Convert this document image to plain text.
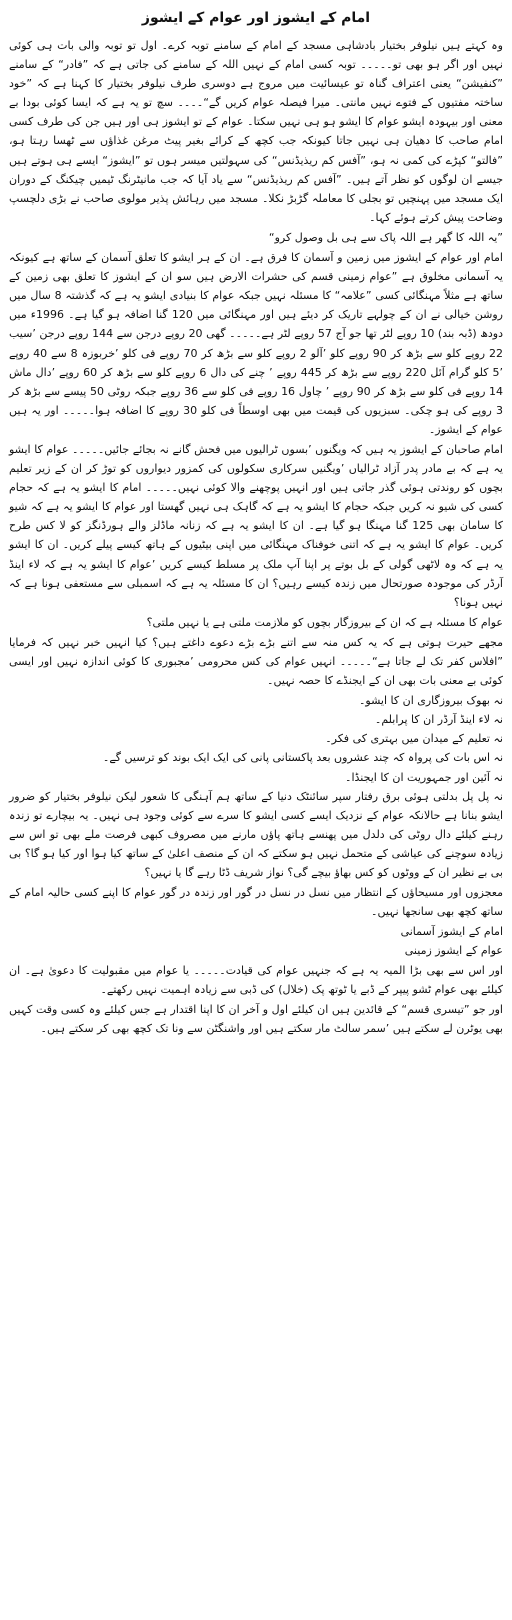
امام کے ایشوز اور عوام کے ایشوز

وہ کہتے ہیں نیلوفر بختیار بادشاہی مسجد کے امام کے سامنے توبہ کرے۔ اول تو توبہ والی بات ہی کوئی نہیں اور اگر ہو بھی تو۔۔۔۔۔ توبہ کسی امام کے نہیں اللہ کے سامنے کی جاتی ہے کہ ”فادر“ کے سامنے ”کنفیشن“ یعنی اعتراف گناہ تو عیسائیت میں مروج ہے دوسری طرف نیلوفر بختیار کا کہنا ہے کہ ”خود ساختہ مفتیوں کے فتوے نہیں مانتی۔ میرا فیصلہ عوام کریں گے“۔۔۔۔ سچ تو یہ ہے کہ ایسا کوئی بودا بے معنی اور بیہودہ ایشو عوام کا ایشو ہو ہی نہیں سکتا۔ عوام کے تو ایشوز ہی اور ہیں جن کی طرف کسی امام صاحب کا دھیان ہی نہیں جاتا کیونکہ جب کچھ کے کرائے بغیر پیٹ مرغن غذاؤں سے ٹھسا رہتا ہو، ”فالتو“ کپڑے کی کمی نہ ہو، ”آفس کم ریذیڈنس“ کی سہولتیں میسر ہوں تو ”ایشوز“ ایسے ہی ہوتے ہیں جیسے ان لوگوں کو نظر آتے ہیں۔ ”آفس کم ریذیڈنس“ سے یاد آیا کہ جب مانیٹرنگ ٹیمیں چیکنگ کے دوران ایک مسجد میں پہنچیں تو بجلی کا معاملہ گڑبڑ نکلا۔ مسجد میں رہائش پذیر مولوی صاحب نے بڑی دلچسپ وضاحت پیش کرتے ہوئے کہا۔

”یہ اللہ کا گھر ہے اللہ پاک سے ہی بل وصول کرو“

امام اور عوام کے ایشوز میں زمین و آسمان کا فرق ہے۔ ان کے ہر ایشو کا تعلق آسمان کے ساتھ ہے کیونکہ یہ آسمانی مخلوق ہے ”عوام زمینی قسم کی حشرات الارض ہیں سو ان کے ایشوز کا تعلق بھی زمین کے ساتھ ہے مثلاً مہنگائی کسی ”علامہ“ کا مسئلہ نہیں جبکہ عوام کا بنیادی ایشو یہ ہے کہ گذشتہ 8 سال میں روشن خیالی نے ان کے چولہے تاریک کر دیئے ہیں اور مہنگائی میں 120 گنا اضافہ ہو گیا ہے۔ 1996ء میں دودھ (ڈبہ بند) 10 روپے لٹر تھا جو آج 57 روپے لٹر ہے۔۔۔۔۔ گھی 20 روپے درجن سے 144 روپے درجن ’سیب 22 روپے کلو سے بڑھ کر 90 روپے کلو ’آلو 2 روپے کلو سے بڑھ کر 70 روپے فی کلو ’خربوزہ 8 سے 40 روپے ’5 کلو گرام آئل 220 روپے سے بڑھ کر 445 روپے ’ چنے کی دال 6 روپے کلو سے بڑھ کر 60 روپے ’دال ماش 14 روپے فی کلو سے بڑھ کر 90 روپے ’ چاول 16 روپے فی کلو سے 36 روپے جبکہ روٹی 50 پیسے سے بڑھ کر 3 روپے کی ہو چکی۔ سبزیوں کی قیمت میں بھی اوسطاً فی کلو 30 روپے کا اضافہ ہوا۔۔۔۔۔ اور یہ ہیں عوام کے ایشوز۔

امام صاحبان کے ایشوز یہ ہیں کہ ویگنوں ’بسوں ٹرالیوں میں فحش گانے نہ بجائے جائیں۔۔۔۔۔ عوام کا ایشو یہ ہے کہ بے مادر پدر آزاد ٹرالیاں ’ویگنیں سرکاری سکولوں کی کمزور دیواروں کو توڑ کر ان کے زیر تعلیم بچوں کو روندتی ہوئی گذر جاتی ہیں اور انہیں پوچھنے والا کوئی نہیں۔۔۔۔۔ امام کا ایشو یہ ہے کہ حجام کسی کی شیو نہ کریں جبکہ حجام کا ایشو یہ ہے کہ گاہک ہی نہیں گھستا اور عوام کا ایشو یہ ہے کہ شیو کا سامان بھی 125 گنا مہنگا ہو گیا ہے۔ ان کا ایشو یہ ہے کہ زنانہ ماڈلز والے ہورڈنگز کو لا کس طرح کریں۔ عوام کا ایشو یہ ہے کہ اتنی خوفناک مہنگائی میں اپنی بیٹیوں کے ہاتھ کیسے پیلے کریں۔ ان کا ایشو یہ ہے کہ وہ لاٹھی گولی کے بل بوتے پر اپنا آپ ملک پر مسلط کیسے کریں ’عوام کا ایشو یہ ہے کہ لاء اینڈ آرڈر کی موجودہ صورتحال میں زندہ کیسے رہیں؟ ان کا مسئلہ یہ ہے کہ اسمبلی سے مستعفی ہونا ہے کہ نہیں ہونا؟

عوام کا مسئلہ ہے کہ ان کے بیروزگار بچوں کو ملازمت ملتی ہے یا نہیں ملتی؟

مجھے حیرت ہوتی ہے کہ یہ کس منہ سے اتنے بڑے بڑے دعوے داغتے ہیں؟ کیا انہیں خبر نہیں کہ فرمایا ”افلاس کفر تک لے جاتا ہے“۔۔۔۔۔ انہیں عوام کی کس محرومی ’مجبوری کا کوئی اندازہ نہیں اور ایسی کوئی بے معنی بات بھی ان کے ایجنڈے کا حصہ نہیں۔

نہ بھوک بیروزگاری ان کا ایشو۔

نہ لاء اینڈ آرڈر ان کا پرابلم۔

نہ تعلیم کے میدان میں بہتری کی فکر۔

نہ اس بات کی پرواہ کہ چند عشروں بعد پاکستانی پانی کی ایک ایک بوند کو ترسیں گے۔

نہ آئین اور جمہوریت ان کا ایجنڈا۔

نہ پل پل بدلتی ہوئی برق رفتار سپر سائنٹک دنیا کے ساتھ ہم آہنگی کا شعور لیکن نیلوفر بختیار کو ضرور ایشو بنانا ہے حالانکہ عوام کے نزدیک ایسے کسی ایشو کا سرے سے کوئی وجود ہی نہیں۔ یہ بیچارے تو زندہ رہنے کیلئے دال روٹی کی دلدل میں پھنسے ہاتھ پاؤں مارنے میں مصروف کبھی فرصت ملے بھی تو اس سے زیادہ سوچنے کی عیاشی کے متحمل نہیں ہو سکتے کہ ان کے منصف اعلیٰ کے ساتھ کیا ہوا اور کیا ہو گا؟ بی بی بے نظیر ان کے ووٹوں کو کس بھاؤ بیچے گی؟ نواز شریف ڈٹا رہے گا یا نہیں؟

معجزوں اور مسیحاؤں کے انتظار میں نسل در نسل در گور اور زندہ در گور عوام کا اپنے کسی حالیہ امام کے ساتھ کچھ بھی سانجھا نہیں۔

امام کے ایشوز آسمانی

عوام کے ایشوز زمینی

اور اس سے بھی بڑا المیہ یہ ہے کہ جنہیں عوام کی قیادت۔۔۔۔۔ یا عوام میں مقبولیت کا دعویٰ ہے۔ ان کیلئے بھی عوام ٹشو پیپر کے ڈبے یا ٹوتھ پک (خلال) کی ڈبی سے زیادہ اہمیت نہیں رکھتے۔

اور جو ”تیسری قسم“ کے قائدین ہیں ان کیلئے اول و آخر ان کا اپنا اقتدار ہے جس کیلئے وہ کسی وقت کہیں بھی یوٹرن لے سکتے ہیں ’سمر سالٹ مار سکتے ہیں اور واشنگٹن سے ونا تک کچھ بھی کر سکتے ہیں۔
